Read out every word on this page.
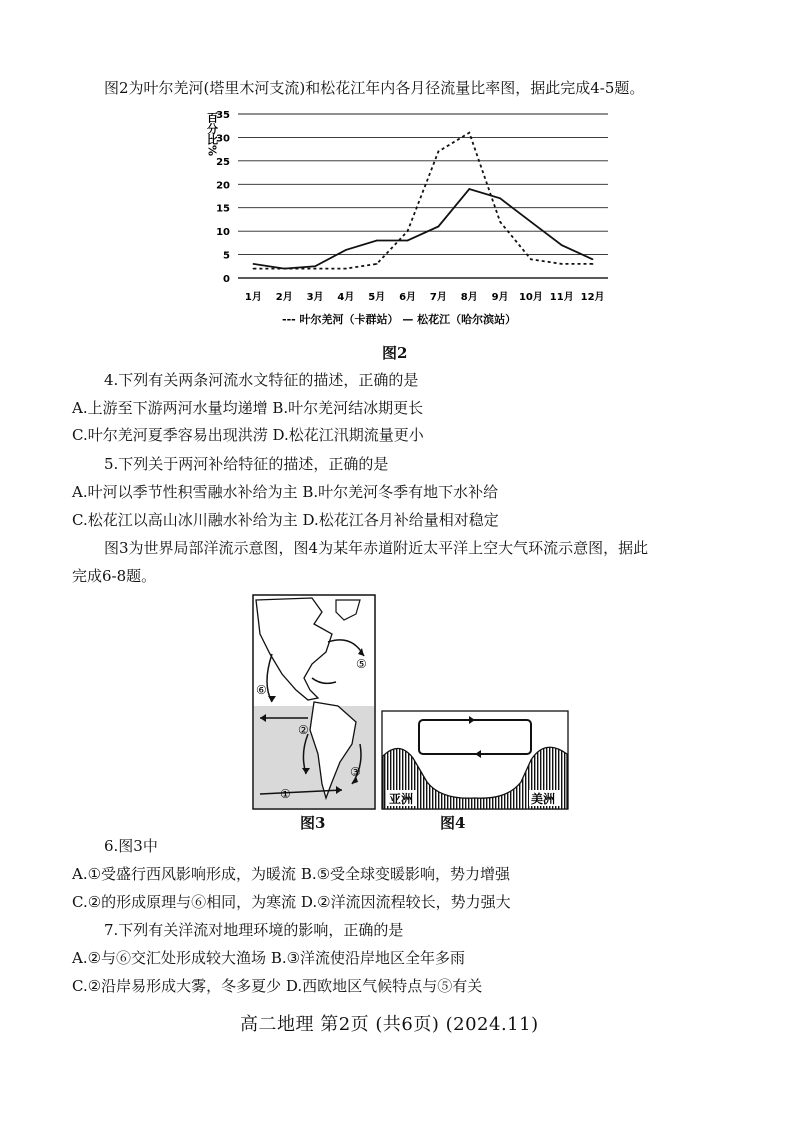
图2为叶尔羌河(塔里木河支流)和松花江年内各月径流量比率图，据此完成4-5题。
0
5
10
15
20
25
30
35
1月 2月 3月 4月 5月 6月 7月 8月 9月 10月 11月 12月
百分比%
--- 叶尔羌河（卡群站） — 松花江（哈尔滨站）
图2
4.下列有关两条河流水文特征的描述，正确的是
A.上游至下游两河水量均递增 B.叶尔羌河结冰期更长
C.叶尔羌河夏季容易出现洪涝 D.松花江汛期流量更小
5.下列关于两河补给特征的描述，正确的是
A.叶河以季节性积雪融水补给为主 B.叶尔羌河冬季有地下水补给
C.松花江以高山冰川融水补给为主 D.松花江各月补给量相对稳定
图3为世界局部洋流示意图，图4为某年赤道附近太平洋上空大气环流示意图，据此
完成6-8题。
⑥
⑤
②
③
①
图3
亚洲	美洲
图4
6.图3中
A.①受盛行西风影响形成，为暖流 B.⑤受全球变暖影响，势力增强
C.②的形成原理与⑥相同，为寒流 D.②洋流因流程较长，势力强大
7.下列有关洋流对地理环境的影响，正确的是
A.②与⑥交汇处形成较大渔场 B.③洋流使沿岸地区全年多雨
C.②沿岸易形成大雾，冬多夏少 D.西欧地区气候特点与⑤有关
高二地理 第2页 (共6页) (2024.11)
